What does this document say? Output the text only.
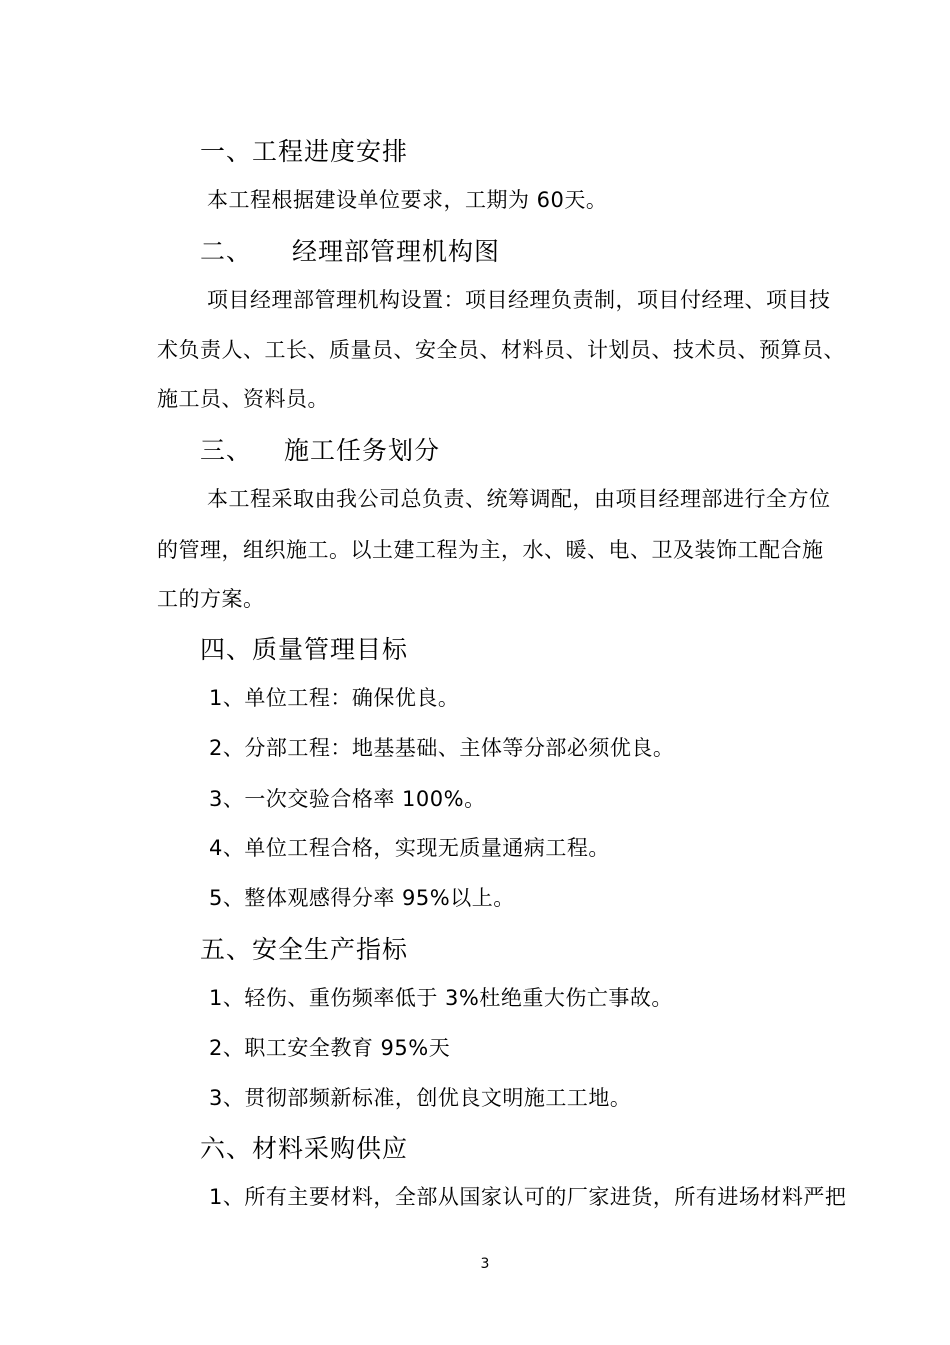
一、工程进度安排
本工程根据建设单位要求，工期为 60天。
二、 经理部管理机构图
项目经理部管理机构设置：项目经理负责制，项目付经理、项目技
术负责人、工长、质量员、安全员、材料员、计划员、技术员、预算员、
施工员、资料员。
三、 施工任务划分
本工程采取由我公司总负责、统筹调配，由项目经理部进行全方位
的管理，组织施工。以土建工程为主，水、暖、电、卫及装饰工配合施
工的方案。
四、质量管理目标
1、单位工程：确保优良。
2、分部工程：地基基础、主体等分部必须优良。
3、一次交验合格率 100%。
4、单位工程合格，实现无质量通病工程。
5、整体观感得分率 95%以上。
五、安全生产指标
1、轻伤、重伤频率低于 3%杜绝重大伤亡事故。
2、职工安全教育 95%天
3、贯彻部频新标准，创优良文明施工工地。
六、材料采购供应
1、所有主要材料，全部从国家认可的厂家进货，所有进场材料严把
3
